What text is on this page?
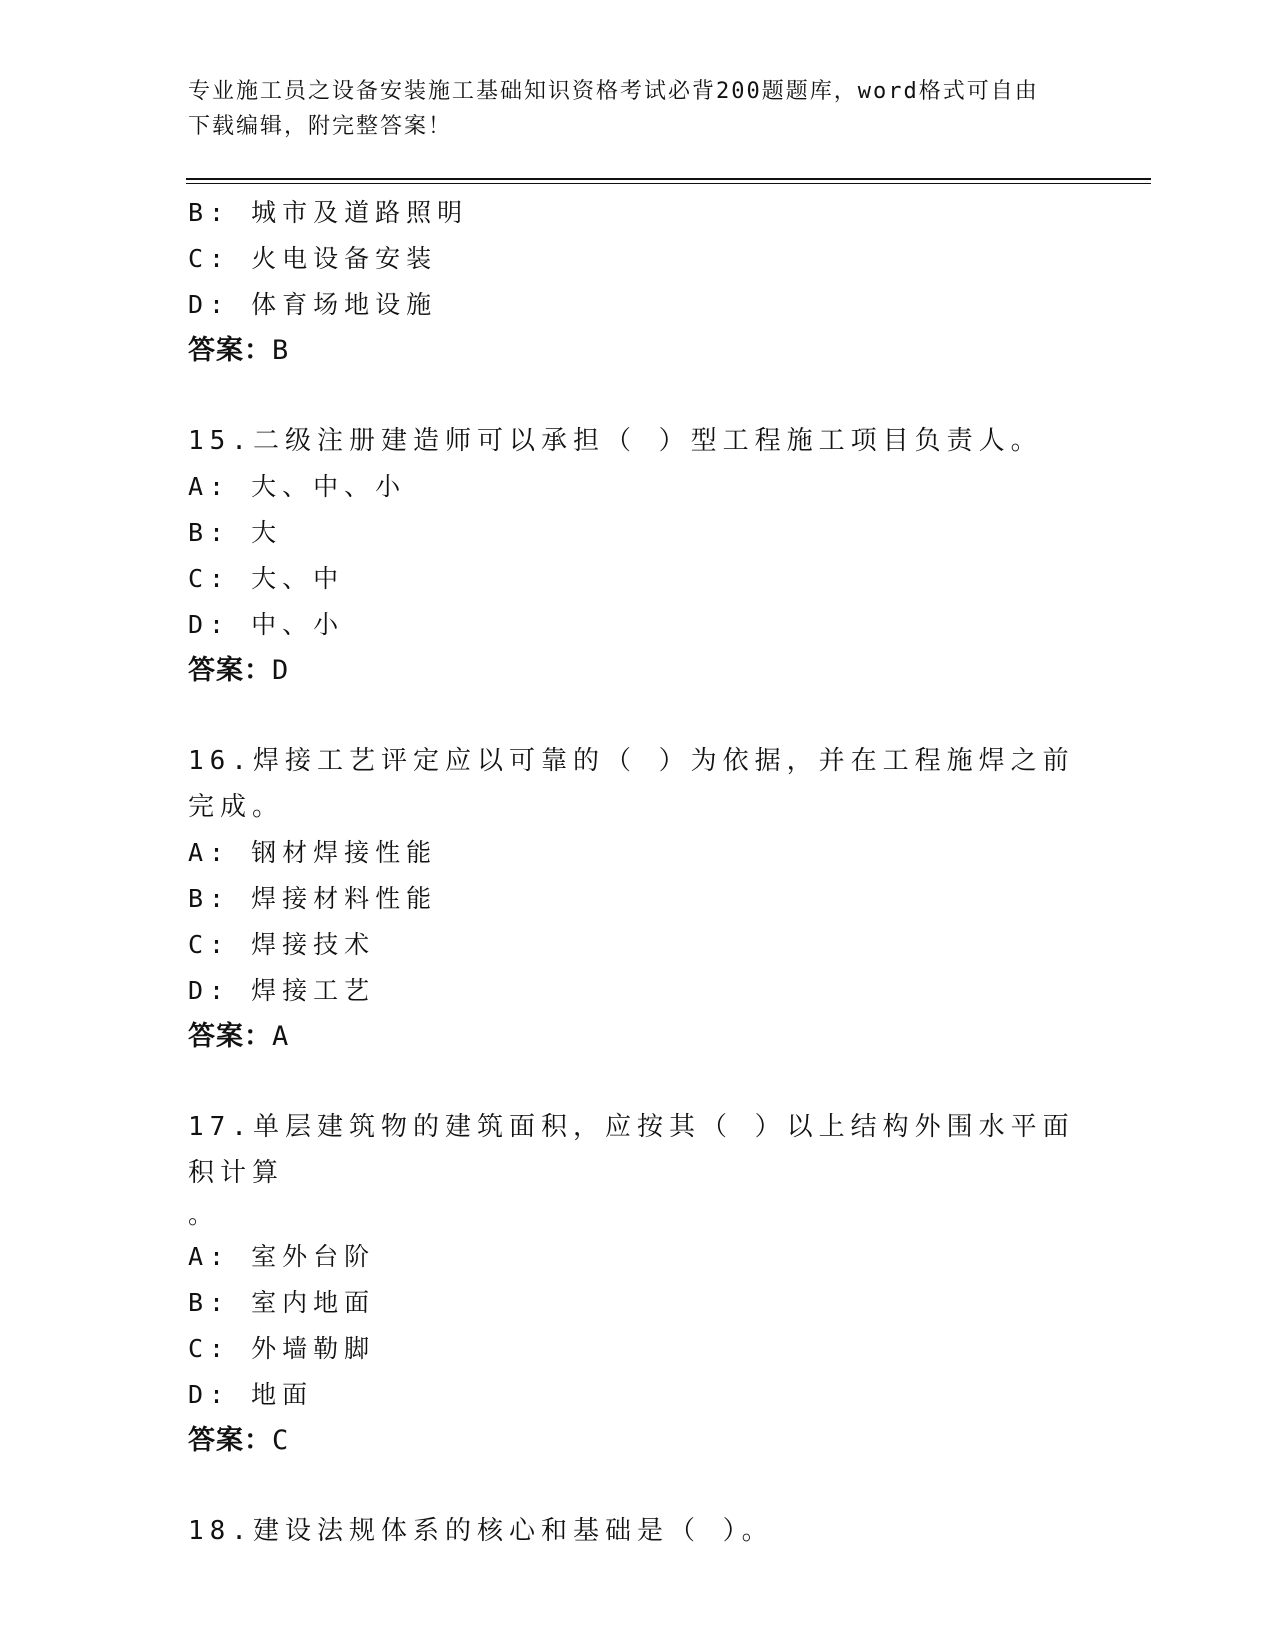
专业施工员之设备安装施工基础知识资格考试必背200题题库，word格式可自由
下载编辑，附完整答案！
B: 城市及道路照明
C: 火电设备安装
D: 体育场地设施
答案：B
15.二级注册建造师可以承担（ ）型工程施工项目负责人。
A: 大、中、小
B: 大
C: 大、中
D: 中、小
答案：D
16.焊接工艺评定应以可靠的（ ）为依据，并在工程施焊之前完成。
A: 钢材焊接性能
B: 焊接材料性能
C: 焊接技术
D: 焊接工艺
答案：A
17.单层建筑物的建筑面积，应按其（ ）以上结构外围水平面积计算
。
A: 室外台阶
B: 室内地面
C: 外墙勒脚
D: 地面
答案：C
18.建设法规体系的核心和基础是（ ）。
